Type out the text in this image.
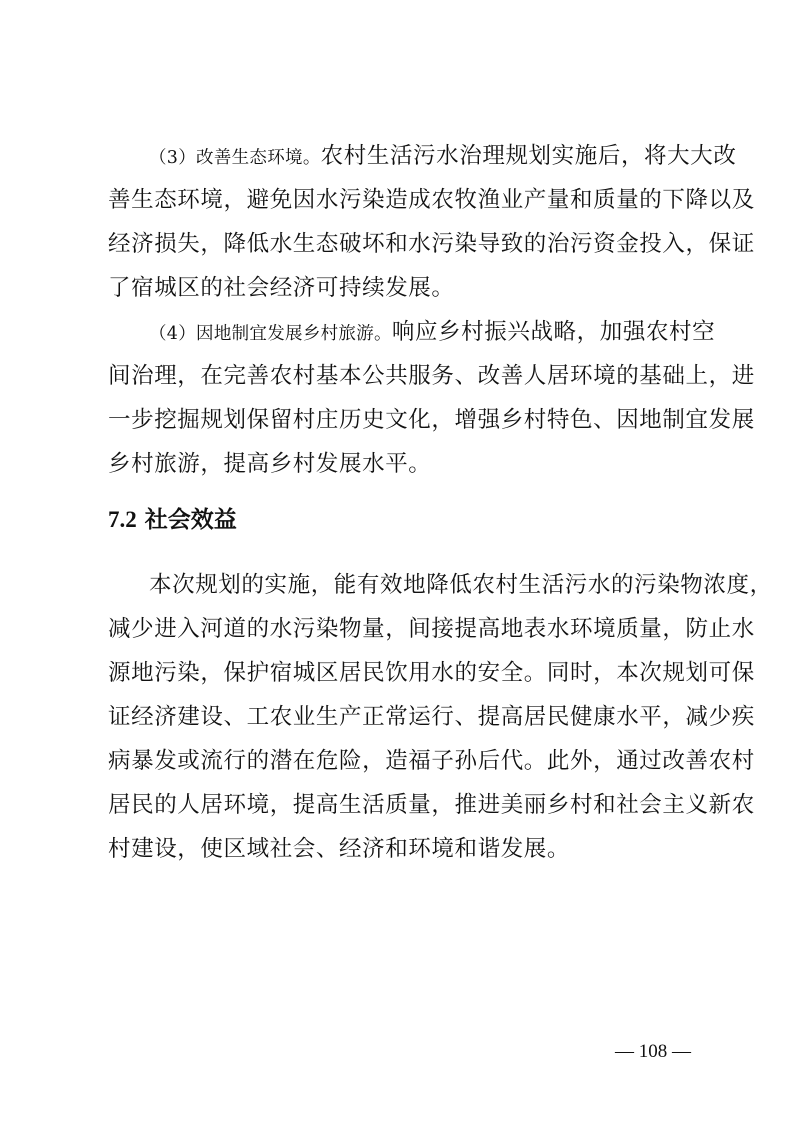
（3）改善生态环境。农村生活污水治理规划实施后，将大大改
善生态环境，避免因水污染造成农牧渔业产量和质量的下降以及
经济损失，降低水生态破坏和水污染导致的治污资金投入，保证
了宿城区的社会经济可持续发展。
（4）因地制宜发展乡村旅游。响应乡村振兴战略，加强农村空
间治理，在完善农村基本公共服务、改善人居环境的基础上，进
一步挖掘规划保留村庄历史文化，增强乡村特色、因地制宜发展
乡村旅游，提高乡村发展水平。
7.2 社会效益
本次规划的实施，能有效地降低农村生活污水的污染物浓度，
减少进入河道的水污染物量，间接提高地表水环境质量，防止水
源地污染，保护宿城区居民饮用水的安全。同时，本次规划可保
证经济建设、工农业生产正常运行、提高居民健康水平，减少疾
病暴发或流行的潜在危险，造福子孙后代。此外，通过改善农村
居民的人居环境，提高生活质量，推进美丽乡村和社会主义新农
村建设，使区域社会、经济和环境和谐发展。
— 108 —
